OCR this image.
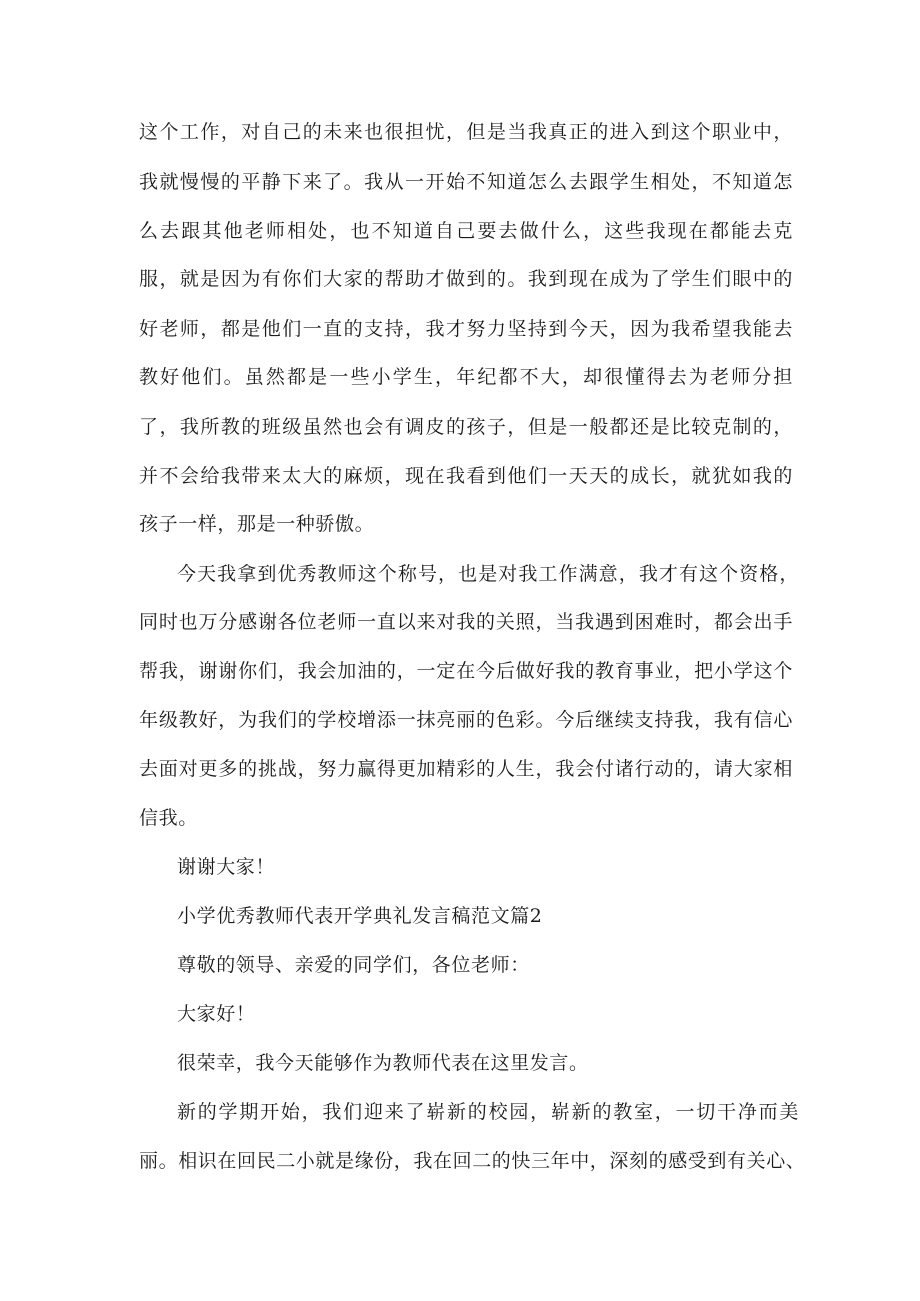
这个工作，对自己的未来也很担忧，但是当我真正的进入到这个职业中，
我就慢慢的平静下来了。我从一开始不知道怎么去跟学生相处，不知道怎
么去跟其他老师相处，也不知道自己要去做什么，这些我现在都能去克
服，就是因为有你们大家的帮助才做到的。我到现在成为了学生们眼中的
好老师，都是他们一直的支持，我才努力坚持到今天，因为我希望我能去
教好他们。虽然都是一些小学生，年纪都不大，却很懂得去为老师分担
了，我所教的班级虽然也会有调皮的孩子，但是一般都还是比较克制的，
并不会给我带来太大的麻烦，现在我看到他们一天天的成长，就犹如我的
孩子一样，那是一种骄傲。
今天我拿到优秀教师这个称号，也是对我工作满意，我才有这个资格，
同时也万分感谢各位老师一直以来对我的关照，当我遇到困难时，都会出手
帮我，谢谢你们，我会加油的，一定在今后做好我的教育事业，把小学这个
年级教好，为我们的学校增添一抹亮丽的色彩。今后继续支持我，我有信心
去面对更多的挑战，努力赢得更加精彩的人生，我会付诸行动的，请大家相
信我。
谢谢大家！
小学优秀教师代表开学典礼发言稿范文篇2
尊敬的领导、亲爱的同学们，各位老师：
大家好！
很荣幸，我今天能够作为教师代表在这里发言。
新的学期开始，我们迎来了崭新的校园，崭新的教室，一切干净而美
丽。相识在回民二小就是缘份，我在回二的快三年中，深刻的感受到有关心、
